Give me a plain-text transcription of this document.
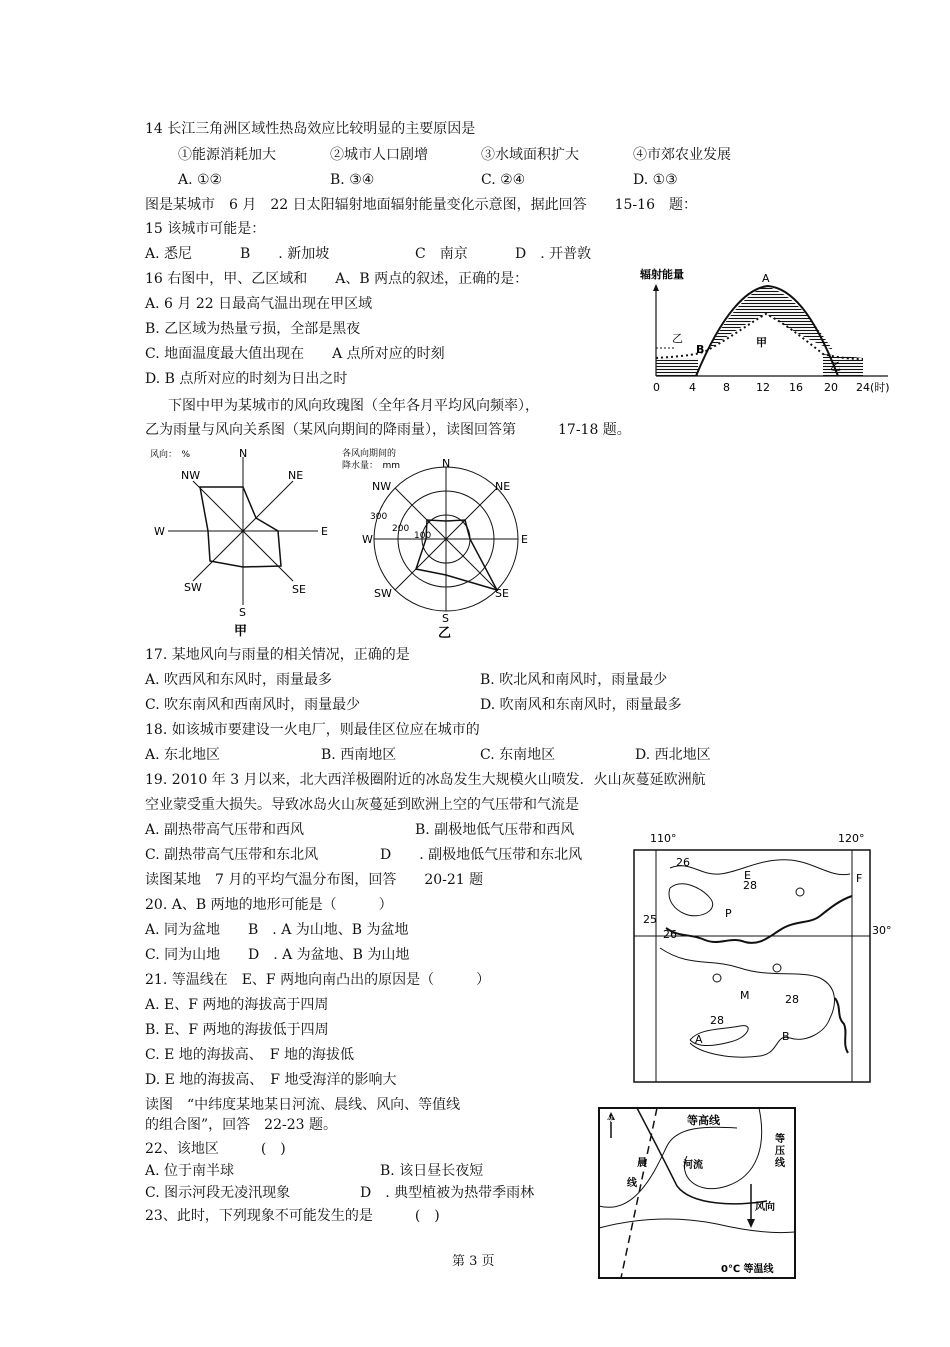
14 长江三角洲区域性热岛效应比较明显的主要原因是
①能源消耗加大	②城市人口剧增	③水域面积扩大	④市郊农业发展
A. ①②	B. ③④	C. ②④	D. ①③
图是某城市　6 月　22 日太阳辐射地面辐射能量变化示意图，据此回答　　15-16　题：
15 该城市可能是：
A. 悉尼	B　　. 新加坡	C　南京	D　. 开普敦
16 右图中，甲、乙区域和　　A、B 两点的叙述，正确的是：
A. 6 月 22 日最高气温出现在甲区域
B. 乙区域为热量亏损，全部是黑夜
C. 地面温度最大值出现在　　A 点所对应的时刻
D. B 点所对应的时刻为日出之时
辐射能量	A
B
甲
乙
乙
0	4 8 12 16 20 24(时)
下图中甲为某城市的风向玫瑰图（全年各月平均风向频率），
乙为雨量与风向关系图（某风向期间的降雨量），读图回答第　　　17-18 题。
风向：　%	N
NE
E
SE
S
SW
W
NW
甲
各风向期间的
降水量：　mm	N
NE
E
SE
S
SW
W
NW
100
200
300
乙
17. 某地风向与雨量的相关情况，正确的是
A. 吹西风和东风时，雨量最多	B. 吹北风和南风时，雨量最少
C. 吹东南风和西南风时，雨量最少	D. 吹南风和东南风时，雨量最多
18. 如该城市要建设一火电厂，则最佳区位应在城市的
A. 东北地区	B. 西南地区	C. 东南地区	D. 西北地区
19. 2010 年 3 月以来，北大西洋极圈附近的冰岛发生大规模火山喷发．火山灰蔓延欧洲航
空业蒙受重大损失。导致冰岛火山灰蔓延到欧洲上空的气压带和气流是
A. 副热带高气压带和西风	B. 副极地低气压带和西风
C. 副热带高气压带和东北风	D　　. 副极地低气压带和东北风
读图某地　7 月的平均气温分布图，回答　　20-21 题
20. A、B 两地的地形可能是（　　　）
A. 同为盆地 B　. A 为山地、B 为盆地
C. 同为山地 D　. A 为盆地、B 为山地
21. 等温线在　E、F 两地向南凸出的原因是（　　　）
A. E、F 两地的海拔高于四周
B. E、F 两地的海拔低于四周
C. E 地的海拔高、　F 地的海拔低
D. E 地的海拔高、　F 地受海洋的影响大
110°	120°
30°
26
25
26
28
28
28
E	F
P
M
A	B
读图　“中纬度某地某日河流、晨线、风向、等值线
的组合图”，回答　22-23 题。
22、该地区　　　(　)
A. 位于南半球	B. 该日昼长夜短
C. 图示河段无凌汛现象	D　. 典型植被为热带季雨林
23、此时，下列现象不可能发生的是　　　(　)
N	等高线
等
压
线
河流
晨
线
风向
0℃ 等温线
第 3 页
